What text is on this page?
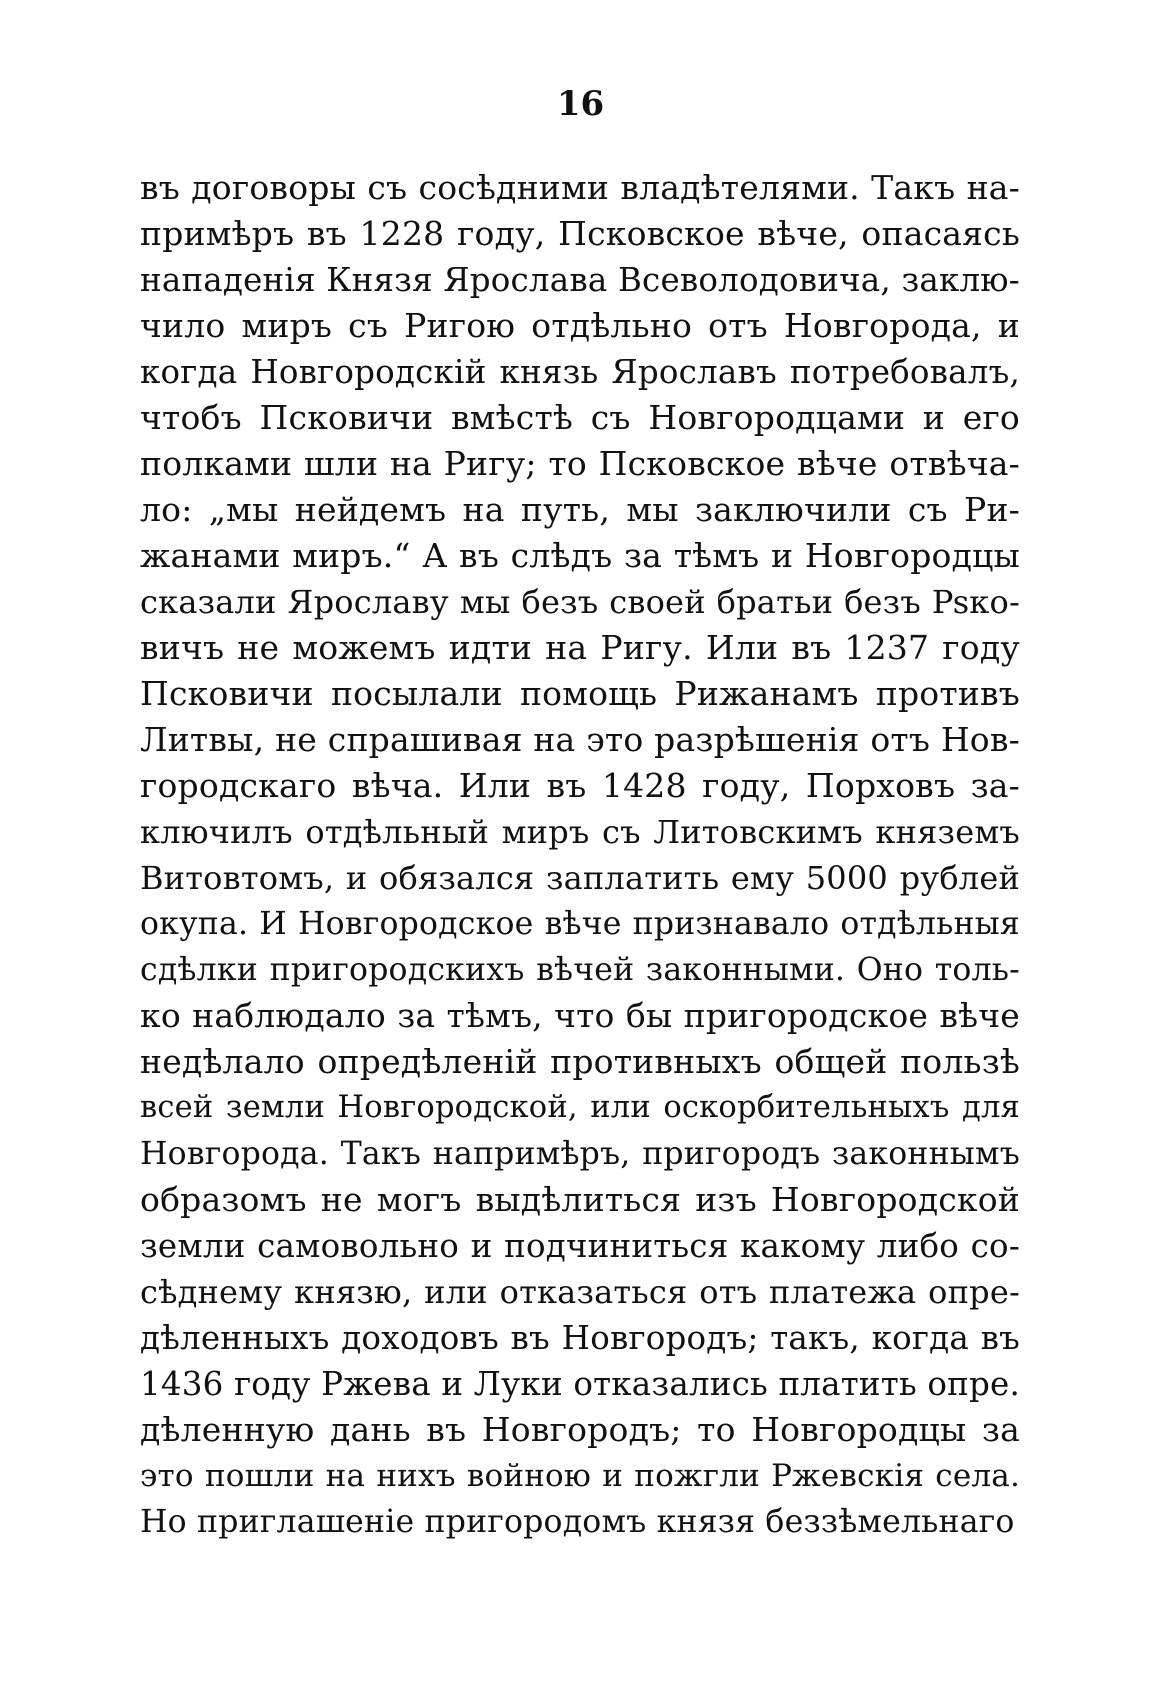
16
въ договоры съ сосѣдними владѣтелями. Такъ на-
примѣръ въ 1228 году, Псковское вѣче, опасаясь
нападенія Князя Ярослава Всеволодовича, заклю-
чило миръ съ Ригою отдѣльно отъ Новгорода, и
когда Новгородскій князь Ярославъ потребовалъ,
чтобъ Псковичи вмѣстѣ съ Новгородцами и его
полками шли на Ригу; то Псковское вѣче отвѣча-
ло: „мы нейдемъ на путь, мы заключили съ Ри-
жанами миръ.“ А въ слѣдъ за тѣмъ и Новгородцы
сказали Ярославу мы безъ своей братьи безъ Psко-
вичъ не можемъ идти на Ригу. Или въ 1237 году
Псковичи посылали помощь Рижанамъ противъ
Литвы, не спрашивая на это разрѣшенія отъ Нов-
городскаго вѣча. Или въ 1428 году, Порховъ за-
ключилъ отдѣльный миръ съ Литовскимъ княземъ
Витовтомъ, и обязался заплатить ему 5000 рублей
окупа. И Новгородское вѣче признавало отдѣльныя
сдѣлки пригородскихъ вѣчей законными. Оно толь-
ко наблюдало за тѣмъ, что бы пригородское вѣче
недѣлало опредѣленій противныхъ общей пользѣ
всей земли Новгородской, или оскорбительныхъ для
Новгорода. Такъ напримѣръ, пригородъ законнымъ
образомъ не могъ выдѣлиться изъ Новгородской
земли самовольно и подчиниться какому либо со-
сѣднему князю, или отказаться отъ платежа опре-
дѣленныхъ доходовъ въ Новгородъ; такъ, когда въ
1436 году Ржева и Луки отказались платить опре.
дѣленную дань въ Новгородъ; то Новгородцы за
это пошли на нихъ войною и пожгли Ржевскія села.
Но приглашеніе пригородомъ князя беззѣмельнаго
